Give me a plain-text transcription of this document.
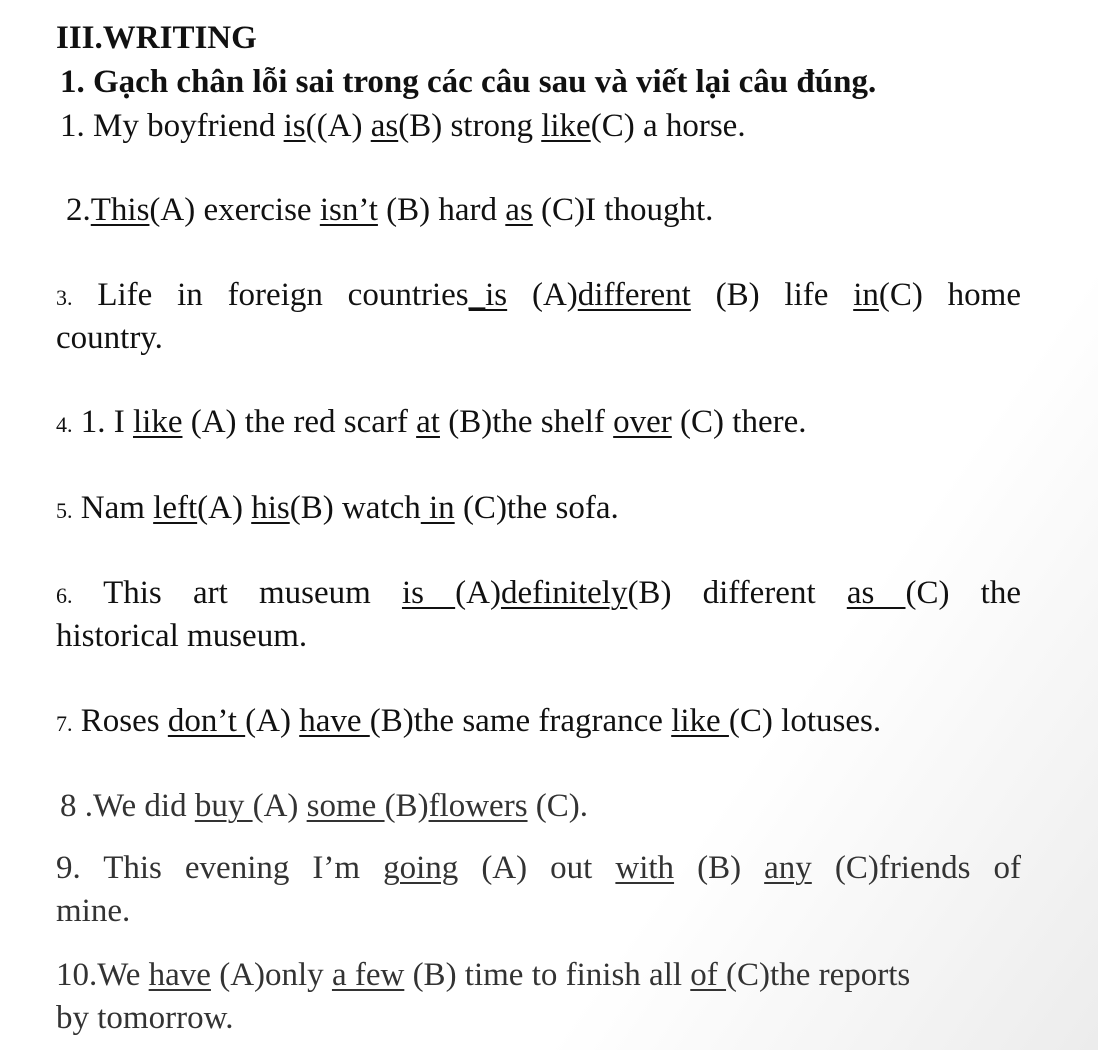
III.WRITING
1. Gạch chân lỗi sai trong các câu sau và viết lại câu đúng.
1. My boyfriend is((A) as(B) strong like(C) a horse.
2.This(A) exercise isn’t (B) hard as (C)I thought.
3. Life in foreign countries_is (A)different (B) life in(C) home
country.
4. 1. I like (A) the red scarf at (B)the shelf over (C) there.
5. Nam left(A) his(B) watch in (C)the sofa.
6. This art museum is (A)definitely(B) different as (C) the
historical museum.
7. Roses don’t (A) have (B)the same fragrance like (C) lotuses.
8 .We did buy (A) some (B)flowers (C).
9. This evening I’m going (A) out with (B) any (C)friends of
mine.
10.We have (A)only a few (B) time to finish all of (C)the reports
by tomorrow.
